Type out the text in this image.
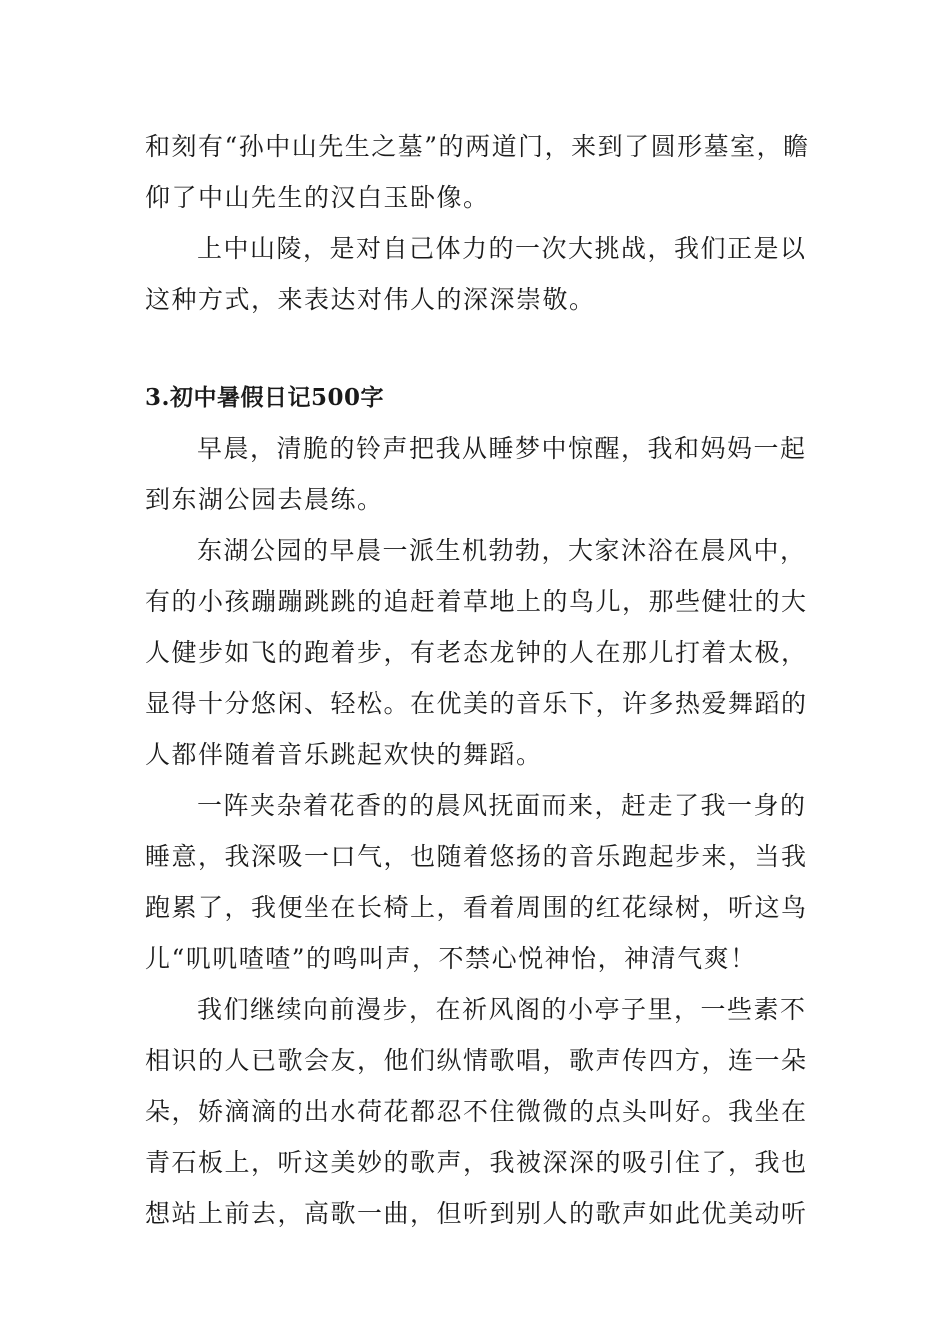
和刻有“孙中山先生之墓”的两道门，来到了圆形墓室，瞻仰了中山先生的汉白玉卧像。

上中山陵，是对自己体力的一次大挑战，我们正是以这种方式，来表达对伟人的深深崇敬。

3.初中暑假日记500字

早晨，清脆的铃声把我从睡梦中惊醒，我和妈妈一起到东湖公园去晨练。

东湖公园的早晨一派生机勃勃，大家沐浴在晨风中，有的小孩蹦蹦跳跳的追赶着草地上的鸟儿，那些健壮的大人健步如飞的跑着步，有老态龙钟的人在那儿打着太极，显得十分悠闲、轻松。在优美的音乐下，许多热爱舞蹈的人都伴随着音乐跳起欢快的舞蹈。

一阵夹杂着花香的的晨风抚面而来，赶走了我一身的睡意，我深吸一口气，也随着悠扬的音乐跑起步来，当我跑累了，我便坐在长椅上，看着周围的红花绿树，听这鸟儿“叽叽喳喳”的鸣叫声，不禁心悦神怡，神清气爽！

我们继续向前漫步，在祈风阁的小亭子里，一些素不相识的人已歌会友，他们纵情歌唱，歌声传四方，连一朵朵，娇滴滴的出水荷花都忍不住微微的点头叫好。我坐在青石板上，听这美妙的歌声，我被深深的吸引住了，我也想站上前去，高歌一曲，但听到别人的歌声如此优美动听
